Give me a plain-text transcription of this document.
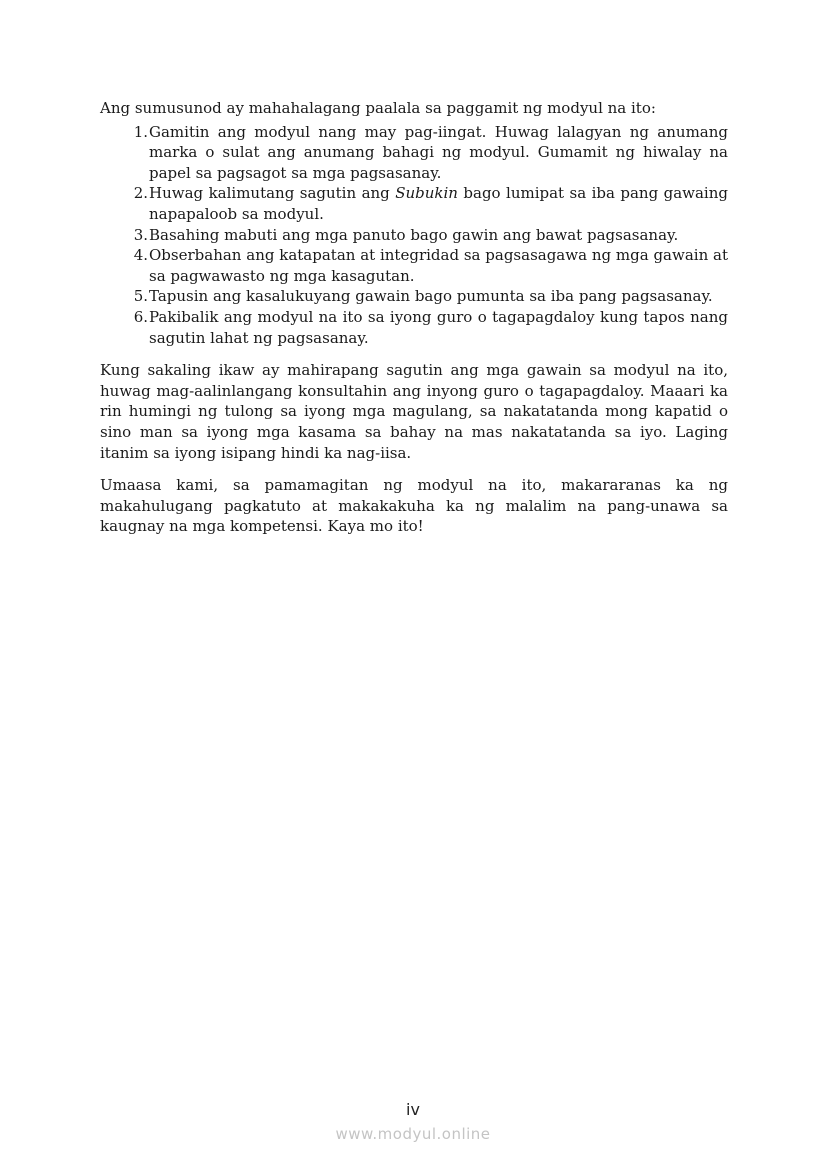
Ang sumusunod ay mahahalagang paalala sa paggamit ng modyul na ito:

1. Gamitin ang modyul nang may pag-iingat. Huwag lalagyan ng anumang marka o sulat ang anumang bahagi ng modyul. Gumamit ng hiwalay na papel sa pagsagot sa mga pagsasanay.
2. Huwag kalimutang sagutin ang Subukin bago lumipat sa iba pang gawaing napapaloob sa modyul.
3. Basahing mabuti ang mga panuto bago gawin ang bawat pagsasanay.
4. Obserbahan ang katapatan at integridad sa pagsasagawa ng mga gawain at sa pagwawasto ng mga kasagutan.
5. Tapusin ang kasalukuyang gawain bago pumunta sa iba pang pagsasanay.
6. Pakibalik ang modyul na ito sa iyong guro o tagapagdaloy kung tapos nang sagutin lahat ng pagsasanay.

Kung sakaling ikaw ay mahirapang sagutin ang mga gawain sa modyul na ito, huwag mag-aalinlangang konsultahin ang inyong guro o tagapagdaloy. Maaari ka rin humingi ng tulong sa iyong mga magulang, sa nakatatanda mong kapatid o sino man sa iyong mga kasama sa bahay na mas nakatatanda sa iyo. Laging itanim sa iyong isipang hindi ka nag-iisa.

Umaasa kami, sa pamamagitan ng modyul na ito, makararanas ka ng makahulugang pagkatuto at makakakuha ka ng malalim na pang-unawa sa kaugnay na mga kompetensi. Kaya mo ito!

iv
www.modyul.online
